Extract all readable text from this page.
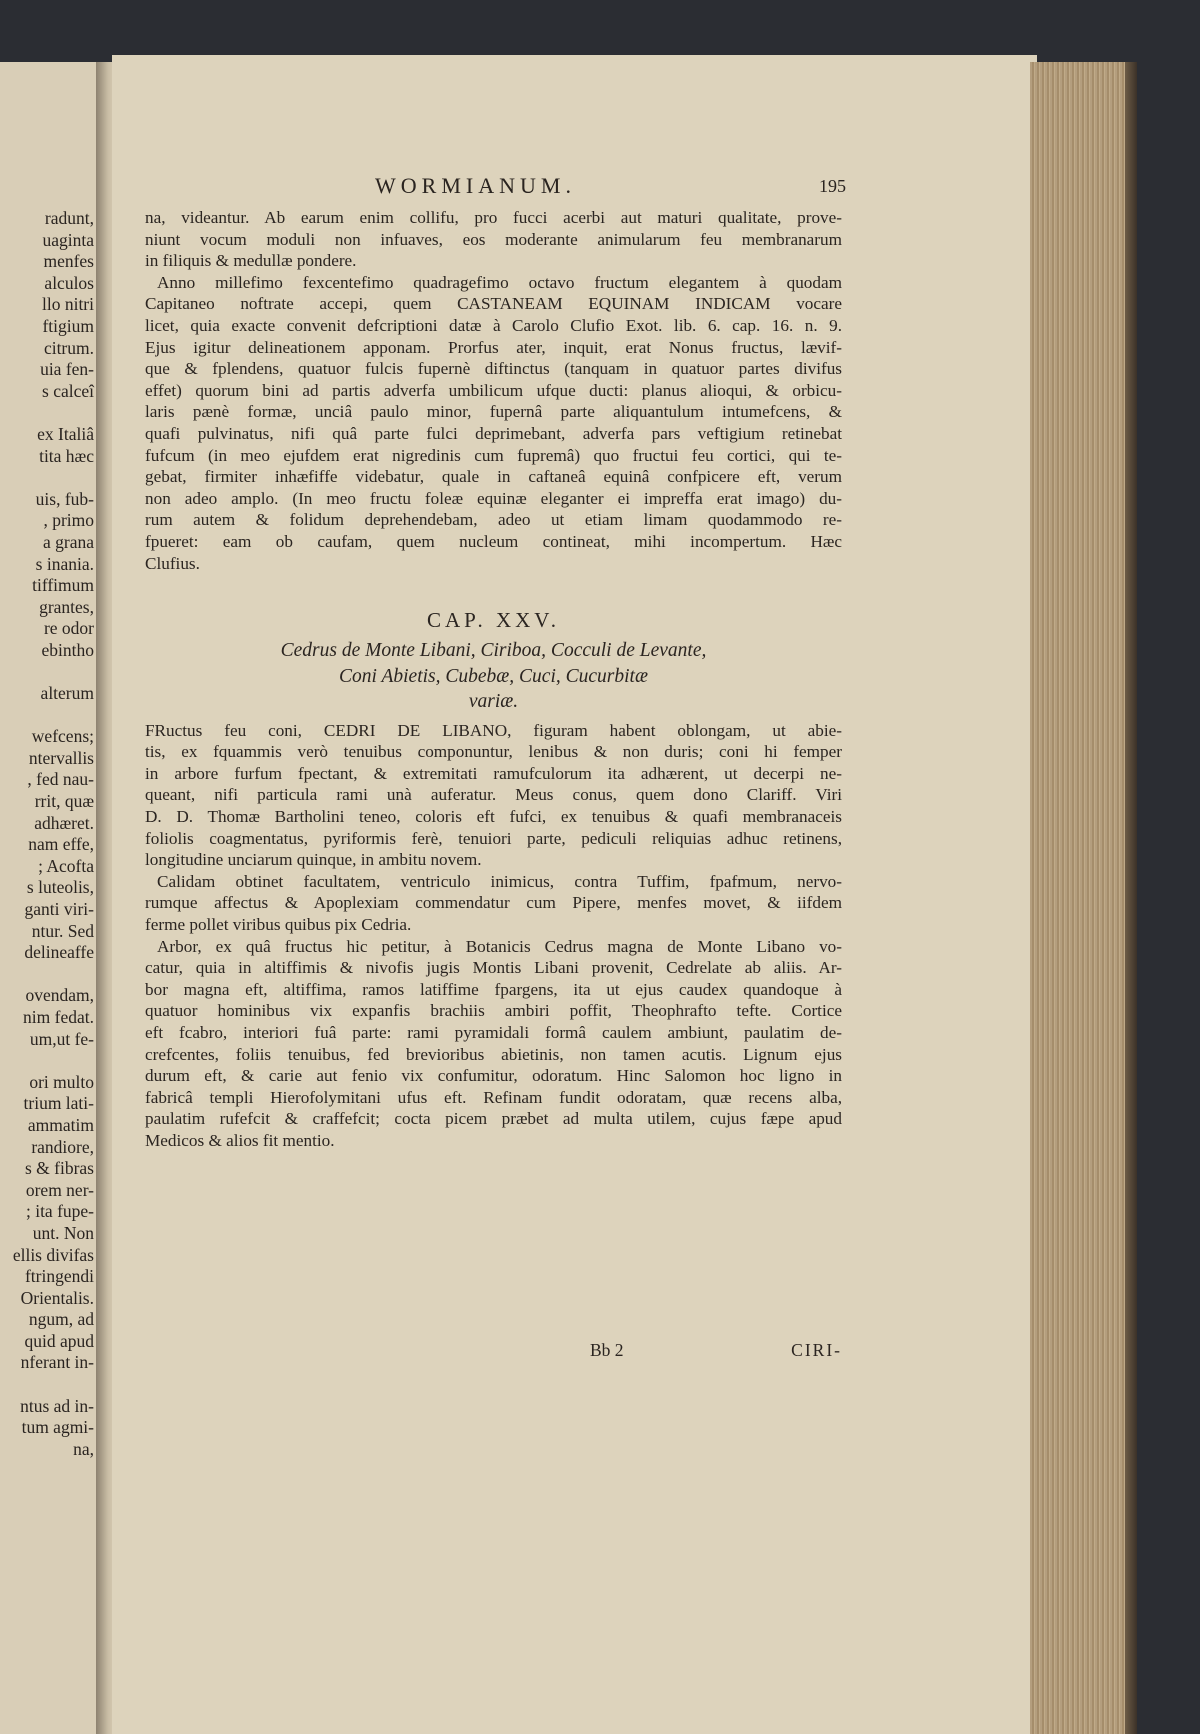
radunt,
uaginta
menfes
alculos
llo nitri
ftigium
citrum.
uia fen-
s calceî

ex Italiâ
tita hæc

uis, fub-
, primo
a grana
s inania.
tiffimum
grantes,
re odor
ebintho

alterum

wefcens;
ntervallis
, fed nau-
rrit, quæ
adhæret.
nam effe,
; Acofta
s luteolis,
ganti viri-
ntur. Sed
delineaffe

ovendam,
nim fedat.
um,ut fe-

ori multo
trium lati-
ammatim
randiore,
s & fibras
orem ner-
; ita fupe-
unt. Non
ellis divifas
ftringendi
Orientalis.
ngum, ad
quid apud
nferant in-

ntus ad in-
tum agmi-
na,
WORMIANUM.	195
na, videantur. Ab earum enim collifu, pro fucci acerbi aut maturi qualitate, prove-
niunt vocum moduli non infuaves, eos moderante animularum feu membranarum
in filiquis & medullæ pondere.
Anno millefimo fexcentefimo quadragefimo octavo fructum elegantem à quodam
Capitaneo noftrate accepi, quem CASTANEAM EQUINAM INDICAM vocare
licet, quia exacte convenit defcriptioni datæ à Carolo Clufio Exot. lib. 6. cap. 16. n. 9.
Ejus igitur delineationem apponam. Prorfus ater, inquit, erat Nonus fructus, lævif-
que & fplendens, quatuor fulcis fupernè diftinctus (tanquam in quatuor partes divifus
effet) quorum bini ad partis adverfa umbilicum ufque ducti: planus alioqui, & orbicu-
laris pænè formæ, unciâ paulo minor, fupernâ parte aliquantulum intumefcens, &
quafi pulvinatus, nifi quâ parte fulci deprimebant, adverfa pars veftigium retinebat
fufcum (in meo ejufdem erat nigredinis cum fupremâ) quo fructui feu cortici, qui te-
gebat, firmiter inhæfiffe videbatur, quale in caftaneâ equinâ confpicere eft, verum
non adeo amplo. (In meo fructu foleæ equinæ eleganter ei impreffa erat imago) du-
rum autem & folidum deprehendebam, adeo ut etiam limam quodammodo re-
fpueret: eam ob caufam, quem nucleum contineat, mihi incompertum. Hæc
Clufius.
CAP. XXV.
Cedrus de Monte Libani, Ciriboa, Cocculi de Levante,
Coni Abietis, Cubebæ, Cuci, Cucurbitæ
variæ.
FRuctus feu coni, CEDRI DE LIBANO, figuram habent oblongam, ut abie-
tis, ex fquammis verò tenuibus componuntur, lenibus & non duris; coni hi femper
in arbore furfum fpectant, & extremitati ramufculorum ita adhærent, ut decerpi ne-
queant, nifi particula rami unà auferatur. Meus conus, quem dono Clariff. Viri
D. D. Thomæ Bartholini teneo, coloris eft fufci, ex tenuibus & quafi membranaceis
foliolis coagmentatus, pyriformis ferè, tenuiori parte, pediculi reliquias adhuc retinens,
longitudine unciarum quinque, in ambitu novem.
Calidam obtinet facultatem, ventriculo inimicus, contra Tuffim, fpafmum, nervo-
rumque affectus & Apoplexiam commendatur cum Pipere, menfes movet, & iifdem
ferme pollet viribus quibus pix Cedria.
Arbor, ex quâ fructus hic petitur, à Botanicis Cedrus magna de Monte Libano vo-
catur, quia in altiffimis & nivofis jugis Montis Libani provenit, Cedrelate ab aliis. Ar-
bor magna eft, altiffima, ramos latiffime fpargens, ita ut ejus caudex quandoque à
quatuor hominibus vix expanfis brachiis ambiri poffit, Theophrafto tefte. Cortice
eft fcabro, interiori fuâ parte: rami pyramidali formâ caulem ambiunt, paulatim de-
crefcentes, foliis tenuibus, fed brevioribus abietinis, non tamen acutis. Lignum ejus
durum eft, & carie aut fenio vix confumitur, odoratum. Hinc Salomon hoc ligno in
fabricâ templi Hierofolymitani ufus eft. Refinam fundit odoratam, quæ recens alba,
paulatim rufefcit & craffefcit; cocta picem præbet ad multa utilem, cujus fæpe apud
Medicos & alios fit mentio.
Bb 2	CIRI-
